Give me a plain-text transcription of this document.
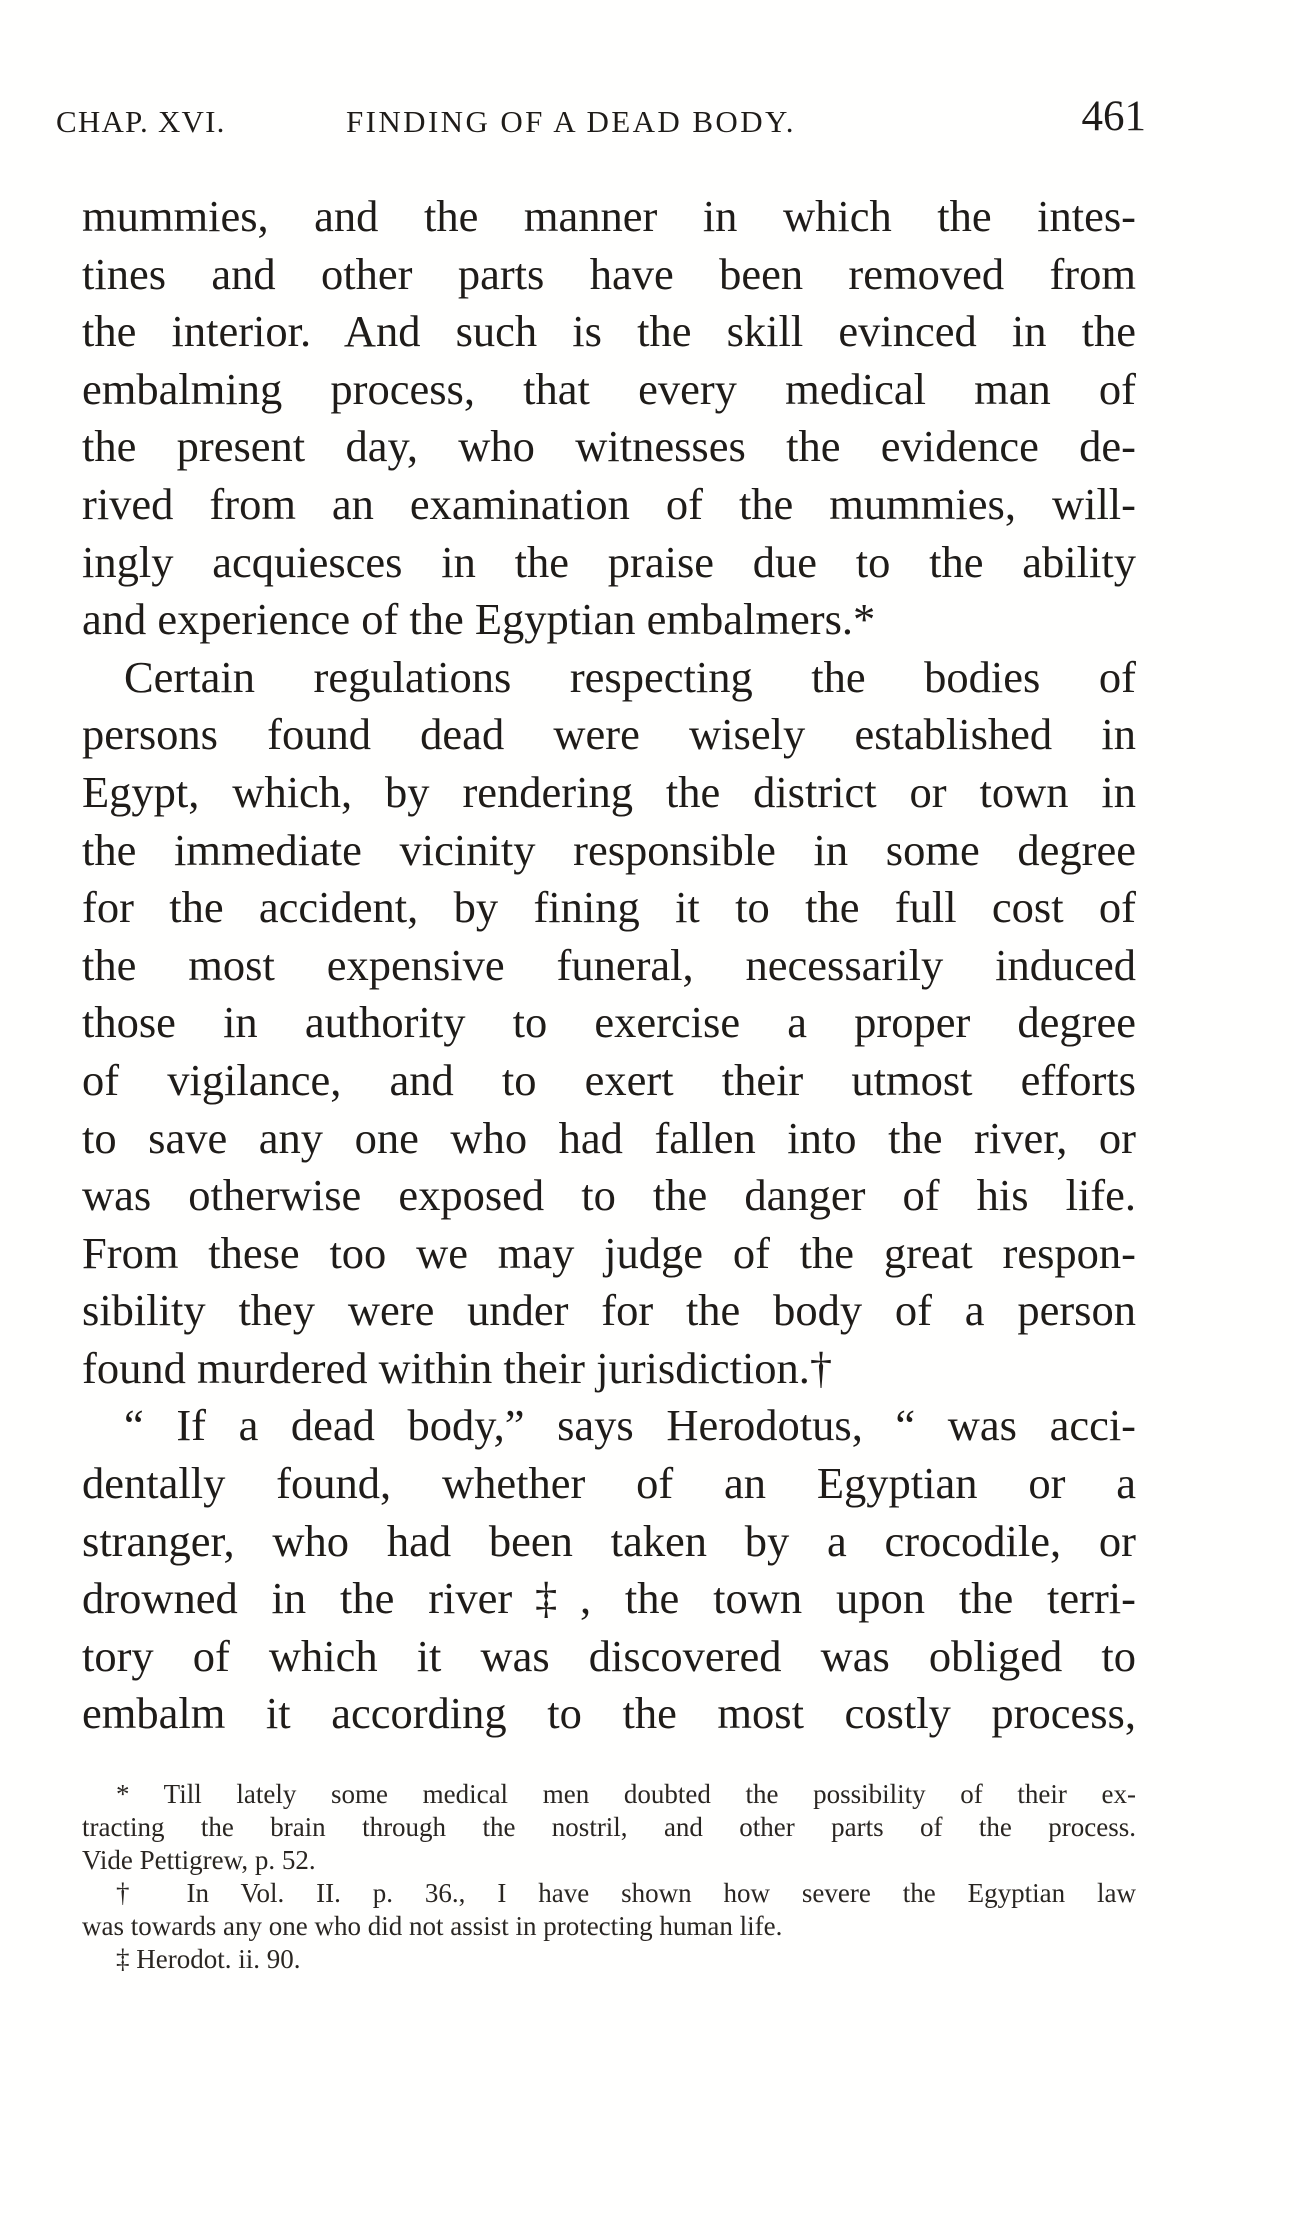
CHAP. XVI.	FINDING OF A DEAD BODY.	461
mummies, and the manner in which the intes-
tines and other parts have been removed from
the interior. And such is the skill evinced in the
embalming process, that every medical man of
the present day, who witnesses the evidence de-
rived from an examination of the mummies, will-
ingly acquiesces in the praise due to the ability
and experience of the Egyptian embalmers.*
Certain regulations respecting the bodies of
persons found dead were wisely established in
Egypt, which, by rendering the district or town in
the immediate vicinity responsible in some degree
for the accident, by fining it to the full cost of
the most expensive funeral, necessarily induced
those in authority to exercise a proper degree
of vigilance, and to exert their utmost efforts
to save any one who had fallen into the river, or
was otherwise exposed to the danger of his life.
From these too we may judge of the great respon-
sibility they were under for the body of a person
found murdered within their jurisdiction.†
“ If a dead body,” says Herodotus, “ was acci-
dentally found, whether of an Egyptian or a
stranger, who had been taken by a crocodile, or
drowned in the river‡, the town upon the terri-
tory of which it was discovered was obliged to
embalm it according to the most costly process,
* Till lately some medical men doubted the possibility of their ex-
tracting the brain through the nostril, and other parts of the process.
Vide Pettigrew, p. 52.
† In Vol. II. p. 36., I have shown how severe the Egyptian law
was towards any one who did not assist in protecting human life.
‡ Herodot. ii. 90.
